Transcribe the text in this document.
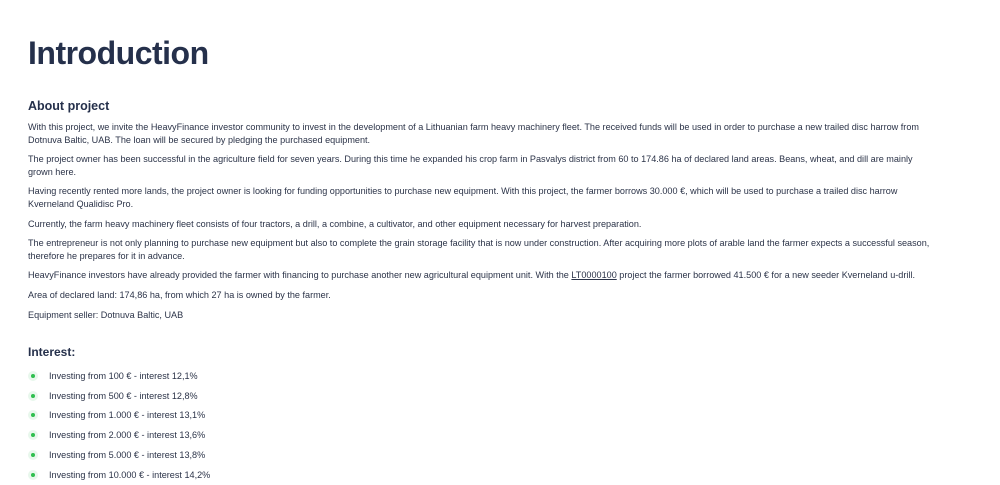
Introduction
About project

With this project, we invite the HeavyFinance investor community to invest in the development of a Lithuanian farm heavy machinery fleet. The received funds will be used in order to purchase a new trailed disc harrow from Dotnuva Baltic, UAB. The loan will be secured by pledging the purchased equipment.

The project owner has been successful in the agriculture field for seven years. During this time he expanded his crop farm in Pasvalys district from 60 to 174.86 ha of declared land areas. Beans, wheat, and dill are mainly grown here.

Having recently rented more lands, the project owner is looking for funding opportunities to purchase new equipment. With this project, the farmer borrows 30.000 €, which will be used to purchase a trailed disc harrow Kverneland Qualidisc Pro.

Currently, the farm heavy machinery fleet consists of four tractors, a drill, a combine, a cultivator, and other equipment necessary for harvest preparation.

The entrepreneur is not only planning to purchase new equipment but also to complete the grain storage facility that is now under construction. After acquiring more plots of arable land the farmer expects a successful season, therefore he prepares for it in advance.

HeavyFinance investors have already provided the farmer with financing to purchase another new agricultural equipment unit. With the LT0000100 project the farmer borrowed 41.500 € for a new seeder Kverneland u-drill.

Area of declared land: 174,86 ha, from which 27 ha is owned by the farmer.

Equipment seller: Dotnuva Baltic, UAB

Interest:
Investing from 100 € - interest 12,1%
Investing from 500 € - interest 12,8%
Investing from 1.000 € - interest 13,1%
Investing from 2.000 € - interest 13,6%
Investing from 5.000 € - interest 13,8%
Investing from 10.000 € - interest 14,2%
